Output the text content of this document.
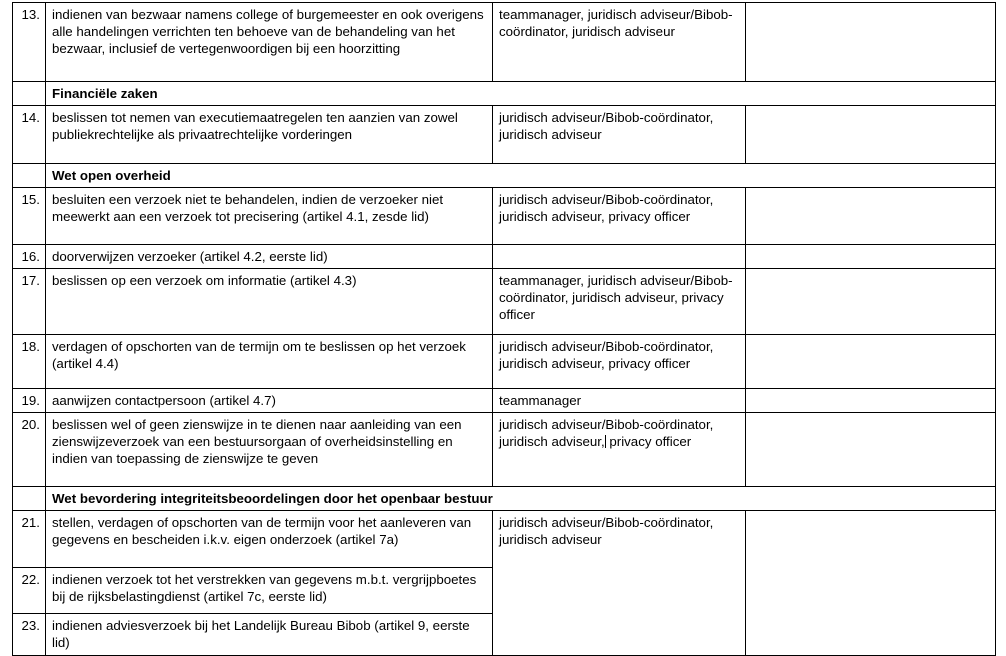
13.	indienen van bezwaar namens college of burgemeester en ook overigens alle handelingen verrichten ten behoeve van de behandeling van het bezwaar, inclusief de vertegenwoordigen bij een hoorzitting	teammanager, juridisch adviseur/Bibob-coördinator, juridisch adviseur	

	Financiële zaken		
14.	beslissen tot nemen van executiemaatregelen ten aanzien van zowel publiekrechtelijke als privaatrechtelijke vorderingen	juridisch adviseur/Bibob-coördinator, juridisch adviseur	

	Wet open overheid		
15.	besluiten een verzoek niet te behandelen, indien de verzoeker niet meewerkt aan een verzoek tot precisering (artikel 4.1, zesde lid)	juridisch adviseur/Bibob-coördinator, juridisch adviseur, privacy officer	

16.	doorverwijzen verzoeker (artikel 4.2, eerste lid)		

17.	beslissen op een verzoek om informatie (artikel 4.3)	teammanager, juridisch adviseur/Bibob-coördinator, juridisch adviseur, privacy officer	

18.	verdagen of opschorten van de termijn om te beslissen op het verzoek (artikel 4.4)	juridisch adviseur/Bibob-coördinator, juridisch adviseur, privacy officer	

19.	aanwijzen contactpersoon (artikel 4.7)	teammanager	

20.	beslissen wel of geen zienswijze in te dienen naar aanleiding van een zienswijzeverzoek van een bestuursorgaan of overheidsinstelling en indien van toepassing de zienswijze te geven	juridisch adviseur/Bibob-coördinator, juridisch adviseur, privacy officer	
	Wet bevordering integriteitsbeoordelingen door het openbaar bestuur		
21.	stellen, verdagen of opschorten van de termijn voor het aanleveren van gegevens en bescheiden i.k.v. eigen onderzoek (artikel 7a)	juridisch adviseur/Bibob-coördinator, juridisch adviseur	

22.	indienen verzoek tot het verstrekken van gegevens m.b.t. vergrijpboetes bij de rijksbelastingdienst (artikel 7c, eerste lid)		

23.	indienen adviesverzoek bij het Landelijk Bureau Bibob (artikel 9, eerste lid)		
